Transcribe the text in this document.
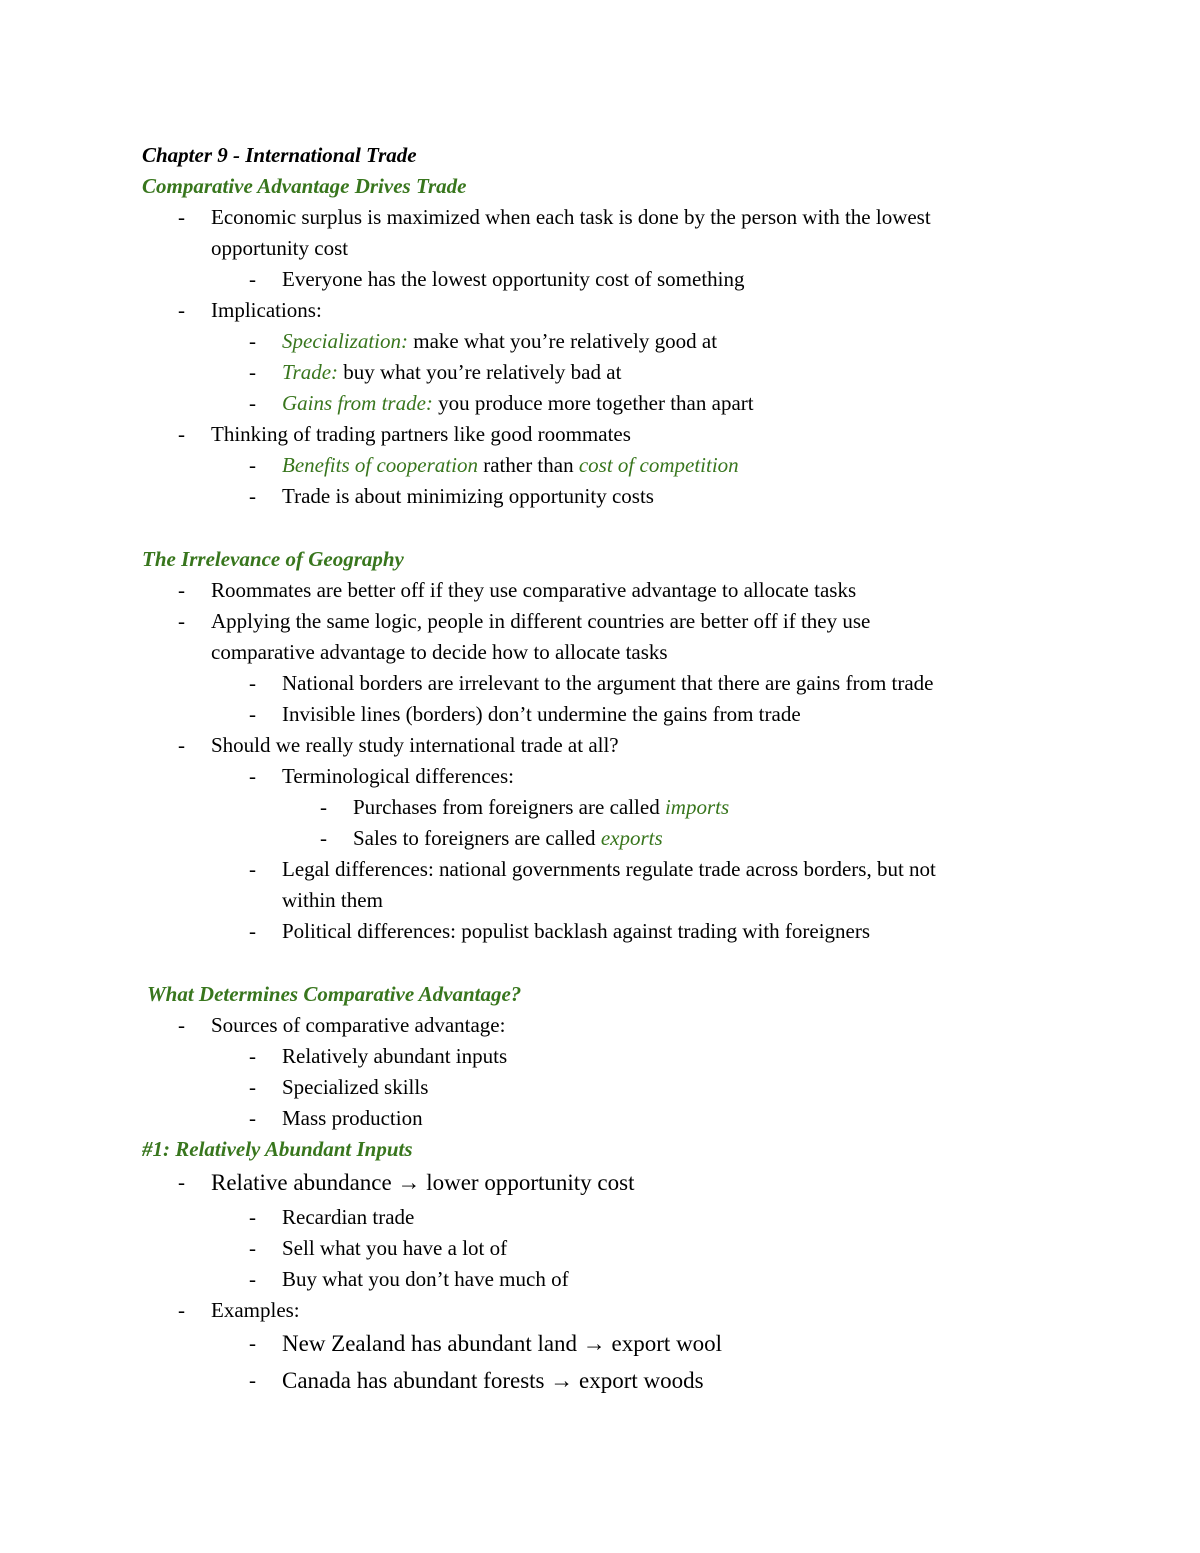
Chapter 9 - International Trade
Comparative Advantage Drives Trade
- Economic surplus is maximized when each task is done by the person with the lowest
opportunity cost
- Everyone has the lowest opportunity cost of something
- Implications:
- Specialization: make what you’re relatively good at
- Trade: buy what you’re relatively bad at
- Gains from trade: you produce more together than apart
- Thinking of trading partners like good roommates
- Benefits of cooperation rather than cost of competition
- Trade is about minimizing opportunity costs
The Irrelevance of Geography
- Roommates are better off if they use comparative advantage to allocate tasks
- Applying the same logic, people in different countries are better off if they use
comparative advantage to decide how to allocate tasks
- National borders are irrelevant to the argument that there are gains from trade
- Invisible lines (borders) don’t undermine the gains from trade
- Should we really study international trade at all?
- Terminological differences:
- Purchases from foreigners are called imports
- Sales to foreigners are called exports
- Legal differences: national governments regulate trade across borders, but not
within them
- Political differences: populist backlash against trading with foreigners
What Determines Comparative Advantage?
- Sources of comparative advantage:
- Relatively abundant inputs
- Specialized skills
- Mass production
#1: Relatively Abundant Inputs
- Relative abundance → lower opportunity cost
- Recardian trade
- Sell what you have a lot of
- Buy what you don’t have much of
- Examples:
- New Zealand has abundant land → export wool
- Canada has abundant forests → export woods
